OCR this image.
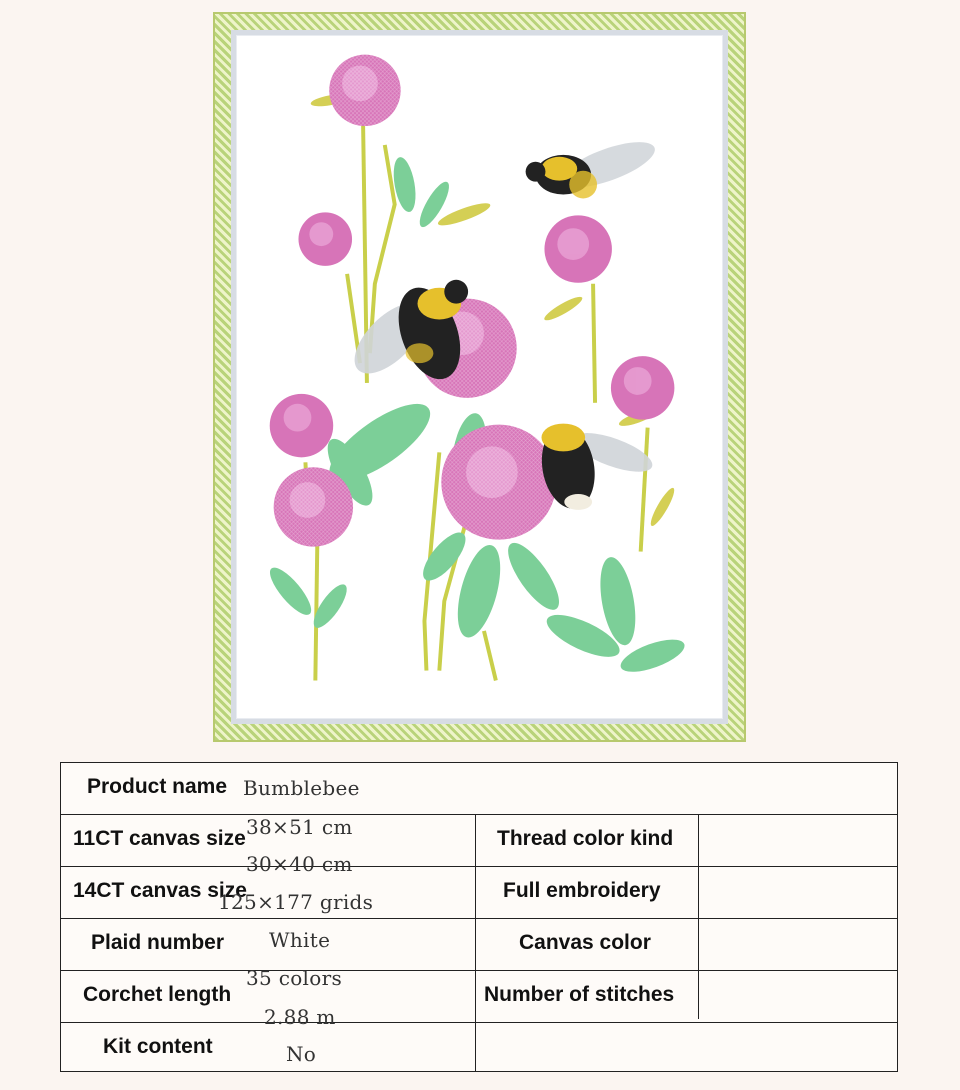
Product name
11CT canvas size
14CT canvas size
Plaid number
Corchet length
Kit content
Thread color kind
Full embroidery
Canvas color
Number of stitches
Bumblebee
38×51 cm
30×40 cm
125×177 grids
White
35 colors
2.88 m
No
